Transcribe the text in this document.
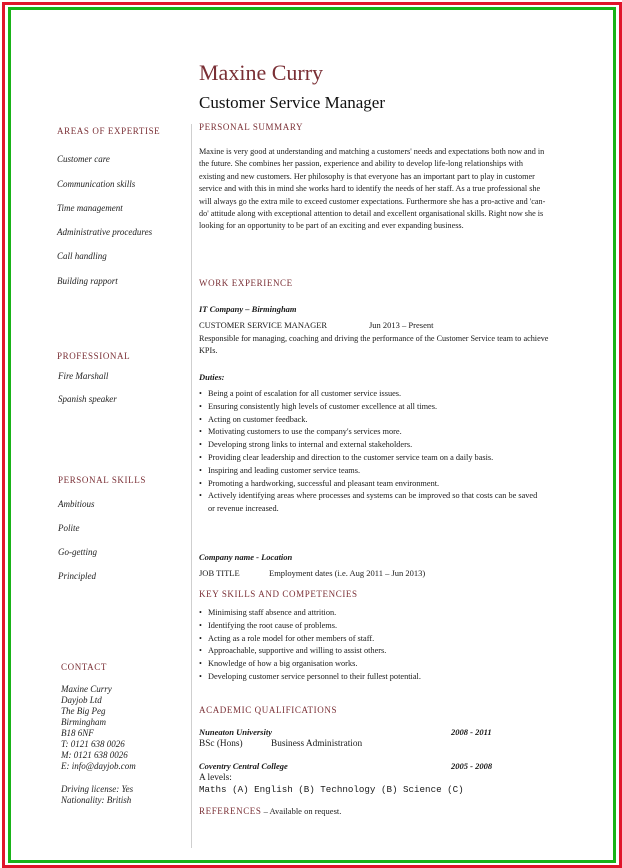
Maxine Curry
Customer Service Manager
AREAS OF EXPERTISE
Customer care
Communication skills
Time management
Administrative procedures
Call handling
Building rapport
PROFESSIONAL
Fire Marshall
Spanish speaker
PERSONAL SKILLS
Ambitious
Polite
Go-getting
Principled
CONTACT
Maxine Curry
Dayjob Ltd
The Big Peg
Birmingham
B18 6NF
T: 0121 638 0026
M: 0121 638 0026
E: info@dayjob.com
Driving license: Yes
Nationality: British
PERSONAL SUMMARY
Maxine is very good at understanding and matching a customers' needs and expectations both now and in the future. She combines her passion, experience and ability to develop life-long relationships with existing and new customers. Her philosophy is that everyone has an important part to play in customer service and with this in mind she works hard to identify the needs of her staff. As a true professional she will always go the extra mile to exceed customer expectations. Furthermore she has a pro-active and 'can-do' attitude along with exceptional attention to detail and excellent organisational skills. Right now she is looking for an opportunity to be part of an exciting and ever expanding business.
WORK EXPERIENCE
IT Company – Birmingham
CUSTOMER SERVICE MANAGER	Jun 2013 – Present
Responsible for managing, coaching and driving the performance of the Customer Service team to achieve KPIs.
Duties:
• Being a point of escalation for all customer service issues.
• Ensuring consistently high levels of customer excellence at all times.
• Acting on customer feedback.
• Motivating customers to use the company's services more.
• Developing strong links to internal and external stakeholders.
• Providing clear leadership and direction to the customer service team on a daily basis.
• Inspiring and leading customer service teams.
• Promoting a hardworking, successful and pleasant team environment.
• Actively identifying areas where processes and systems can be improved so that costs can be saved or revenue increased.
Company name - Location
JOB TITLE	Employment dates (i.e. Aug 2011 – Jun 2013)
KEY SKILLS AND COMPETENCIES
• Minimising staff absence and attrition.
• Identifying the root cause of problems.
• Acting as a role model for other members of staff.
• Approachable, supportive and willing to assist others.
• Knowledge of how a big organisation works.
• Developing customer service personnel to their fullest potential.
ACADEMIC QUALIFICATIONS
Nuneaton University	2008 - 2011
BSc (Hons)	Business Administration
Coventry Central College	2005 - 2008
A levels:
Maths (A) English (B) Technology (B) Science (C)
REFERENCES – Available on request.
